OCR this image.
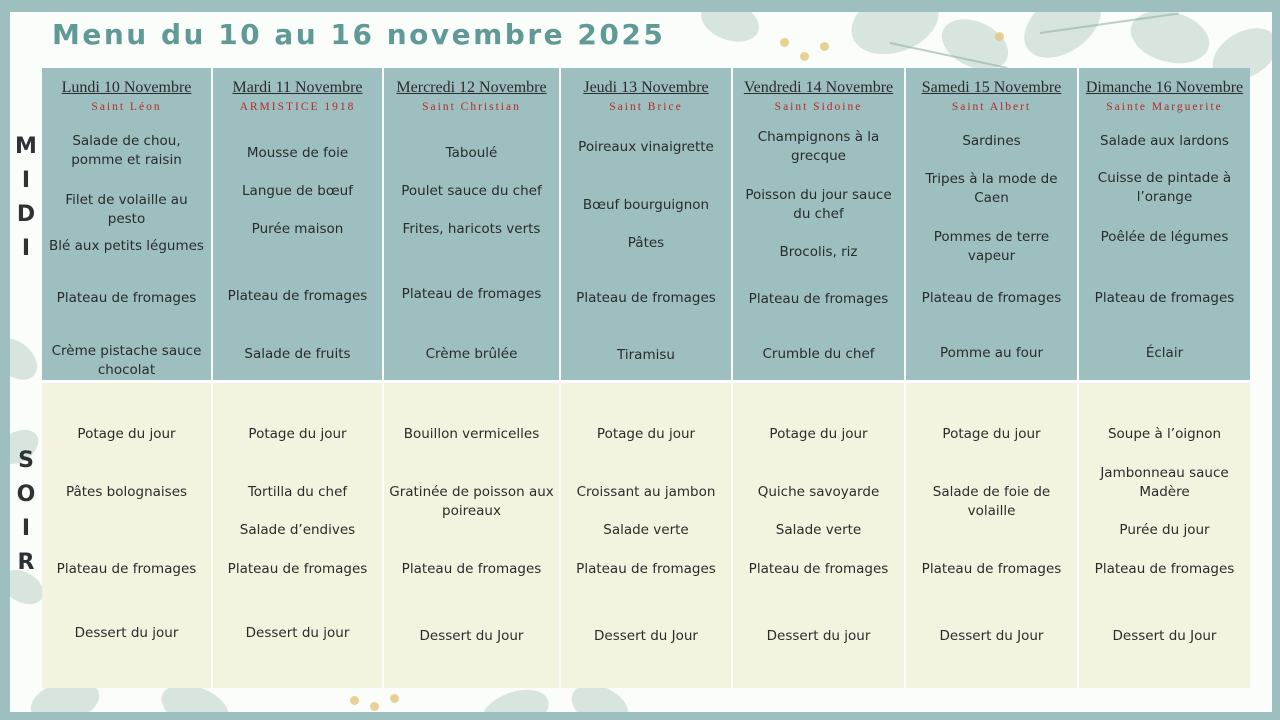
Menu du 10 au 16 novembre 2025
M
I
D
I
S
O
I
R
Lundi 10 Novembre
Saint Léon
Salade de chou, pomme et raisin
Filet de volaille au pesto
Blé aux petits légumes
Plateau de fromages
Crème pistache sauce chocolat
Mardi 11 Novembre
ARMISTICE 1918
Mousse de foie
Langue de bœuf
Purée maison
Plateau de fromages
Salade de fruits
Mercredi 12 Novembre
Saint Christian
Taboulé
Poulet sauce du chef
Frites, haricots verts
Plateau de fromages
Crème brûlée
Jeudi 13 Novembre
Saint Brice
Poireaux vinaigrette
Bœuf bourguignon
Pâtes
Plateau de fromages
Tiramisu
Vendredi 14 Novembre
Saint Sidoine
Champignons à la grecque
Poisson du jour sauce du chef
Brocolis, riz
Plateau de fromages
Crumble du chef
Samedi 15 Novembre
Saint Albert
Sardines
Tripes à la mode de Caen
Pommes de terre vapeur
Plateau de fromages
Pomme au four
Dimanche 16 Novembre
Sainte Marguerite
Salade aux lardons
Cuisse de pintade à l’orange
Poêlée de légumes
Plateau de fromages
Éclair
Potage du jour
Pâtes bolognaises
Plateau de fromages
Dessert du jour
Potage du jour
Tortilla du chef
Salade d’endives
Plateau de fromages
Dessert du jour
Bouillon vermicelles
Gratinée de poisson aux poireaux
Plateau de fromages
Dessert du Jour
Potage du jour
Croissant au jambon
Salade verte
Plateau de fromages
Dessert du Jour
Potage du jour
Quiche savoyarde
Salade verte
Plateau de fromages
Dessert du jour
Potage du jour
Salade de foie de volaille
Plateau de fromages
Dessert du Jour
Soupe à l’oignon
Jambonneau sauce Madère
Purée du jour
Plateau de fromages
Dessert du Jour
